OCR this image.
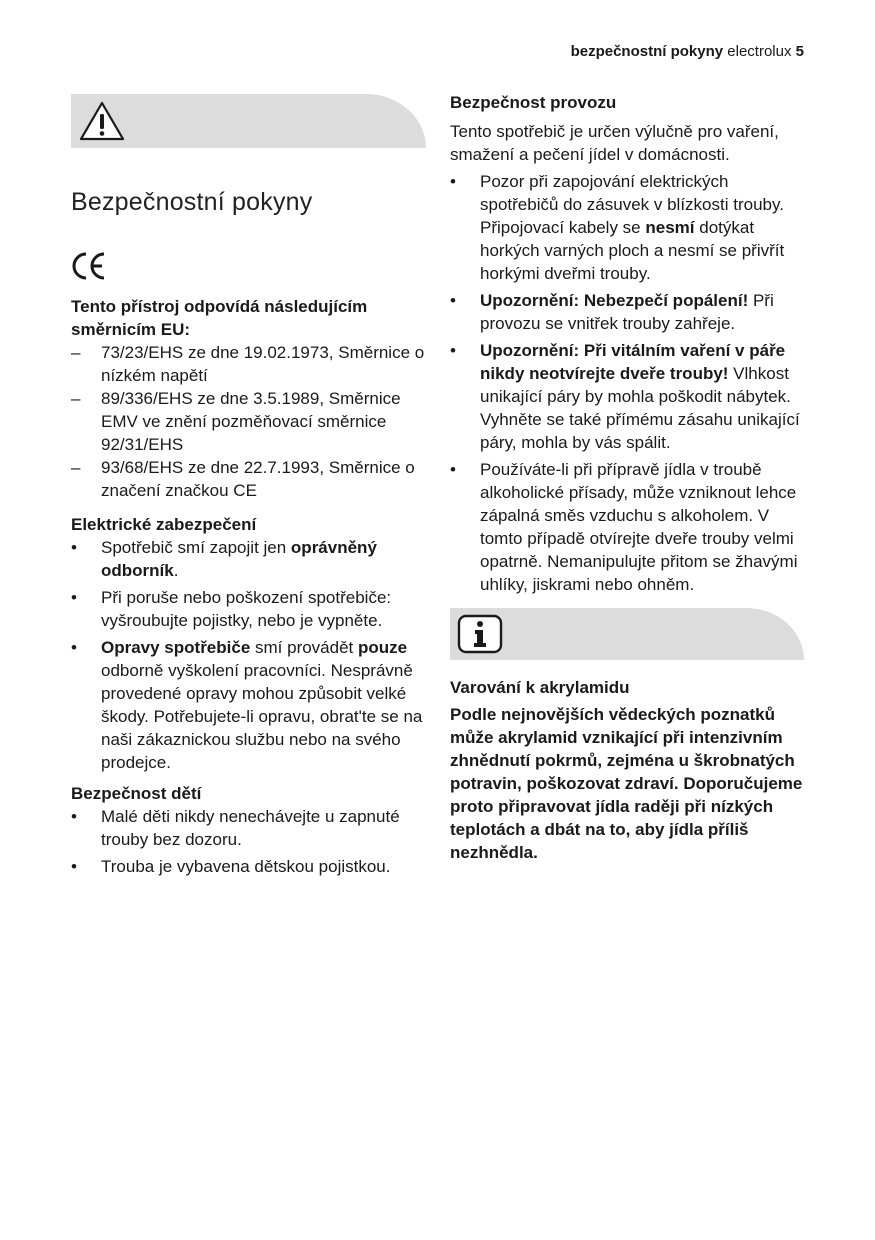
bezpečnostní pokyny electrolux 5
Bezpečnostní pokyny

Tento přístroj odpovídá následujícím směrnicím EU:

– 73/23/EHS ze dne 19.02.1973, Směrnice o nízkém napětí
– 89/336/EHS ze dne 3.5.1989, Směrnice EMV ve znění pozměňovací směrnice 92/31/EHS
– 93/68/EHS ze dne 22.7.1993, Směrnice o značení značkou CE

Elektrické zabezpečení

• Spotřebič smí zapojit jen oprávněný odborník.
• Při poruše nebo poškození spotřebiče: vyšroubujte pojistky, nebo je vypněte.
• Opravy spotřebiče smí provádět pouze odborně vyškolení pracovníci. Nesprávně provedené opravy mohou způsobit velké škody. Potřebujete-li opravu, obrat'te se na naši zákaznickou službu nebo na svého prodejce.

Bezpečnost dětí

• Malé děti nikdy nenechávejte u zapnuté trouby bez dozoru.
• Trouba je vybavena dětskou pojistkou.

Bezpečnost provozu

Tento spotřebič je určen výlučně pro vaření, smažení a pečení jídel v domácnosti.

• Pozor při zapojování elektrických spotřebičů do zásuvek v blízkosti trouby. Připojovací kabely se nesmí dotýkat horkých varných ploch a nesmí se přivřít horkými dveřmi trouby.
• Upozornění: Nebezpečí popálení! Při provozu se vnitřek trouby zahřeje.
• Upozornění: Při vitálním vaření v páře nikdy neotvírejte dveře trouby! Vlhkost unikající páry by mohla poškodit nábytek. Vyhněte se také přímému zásahu unikající páry, mohla by vás spálit.
• Používáte-li při přípravě jídla v troubě alkoholické přísady, může vzniknout lehce zápalná směs vzduchu s alkoholem. V tomto případě otvírejte dveře trouby velmi opatrně. Nemanipulujte přitom se žhavými uhlíky, jiskrami nebo ohněm.

Varování k akrylamidu

Podle nejnovějších vědeckých poznatků může akrylamid vznikající při intenzivním zhnědnutí pokrmů, zejména u škrobnatých potravin, poškozovat zdraví. Doporučujeme proto připravovat jídla raději při nízkých teplotách a dbát na to, aby jídla příliš nezhnědla.
